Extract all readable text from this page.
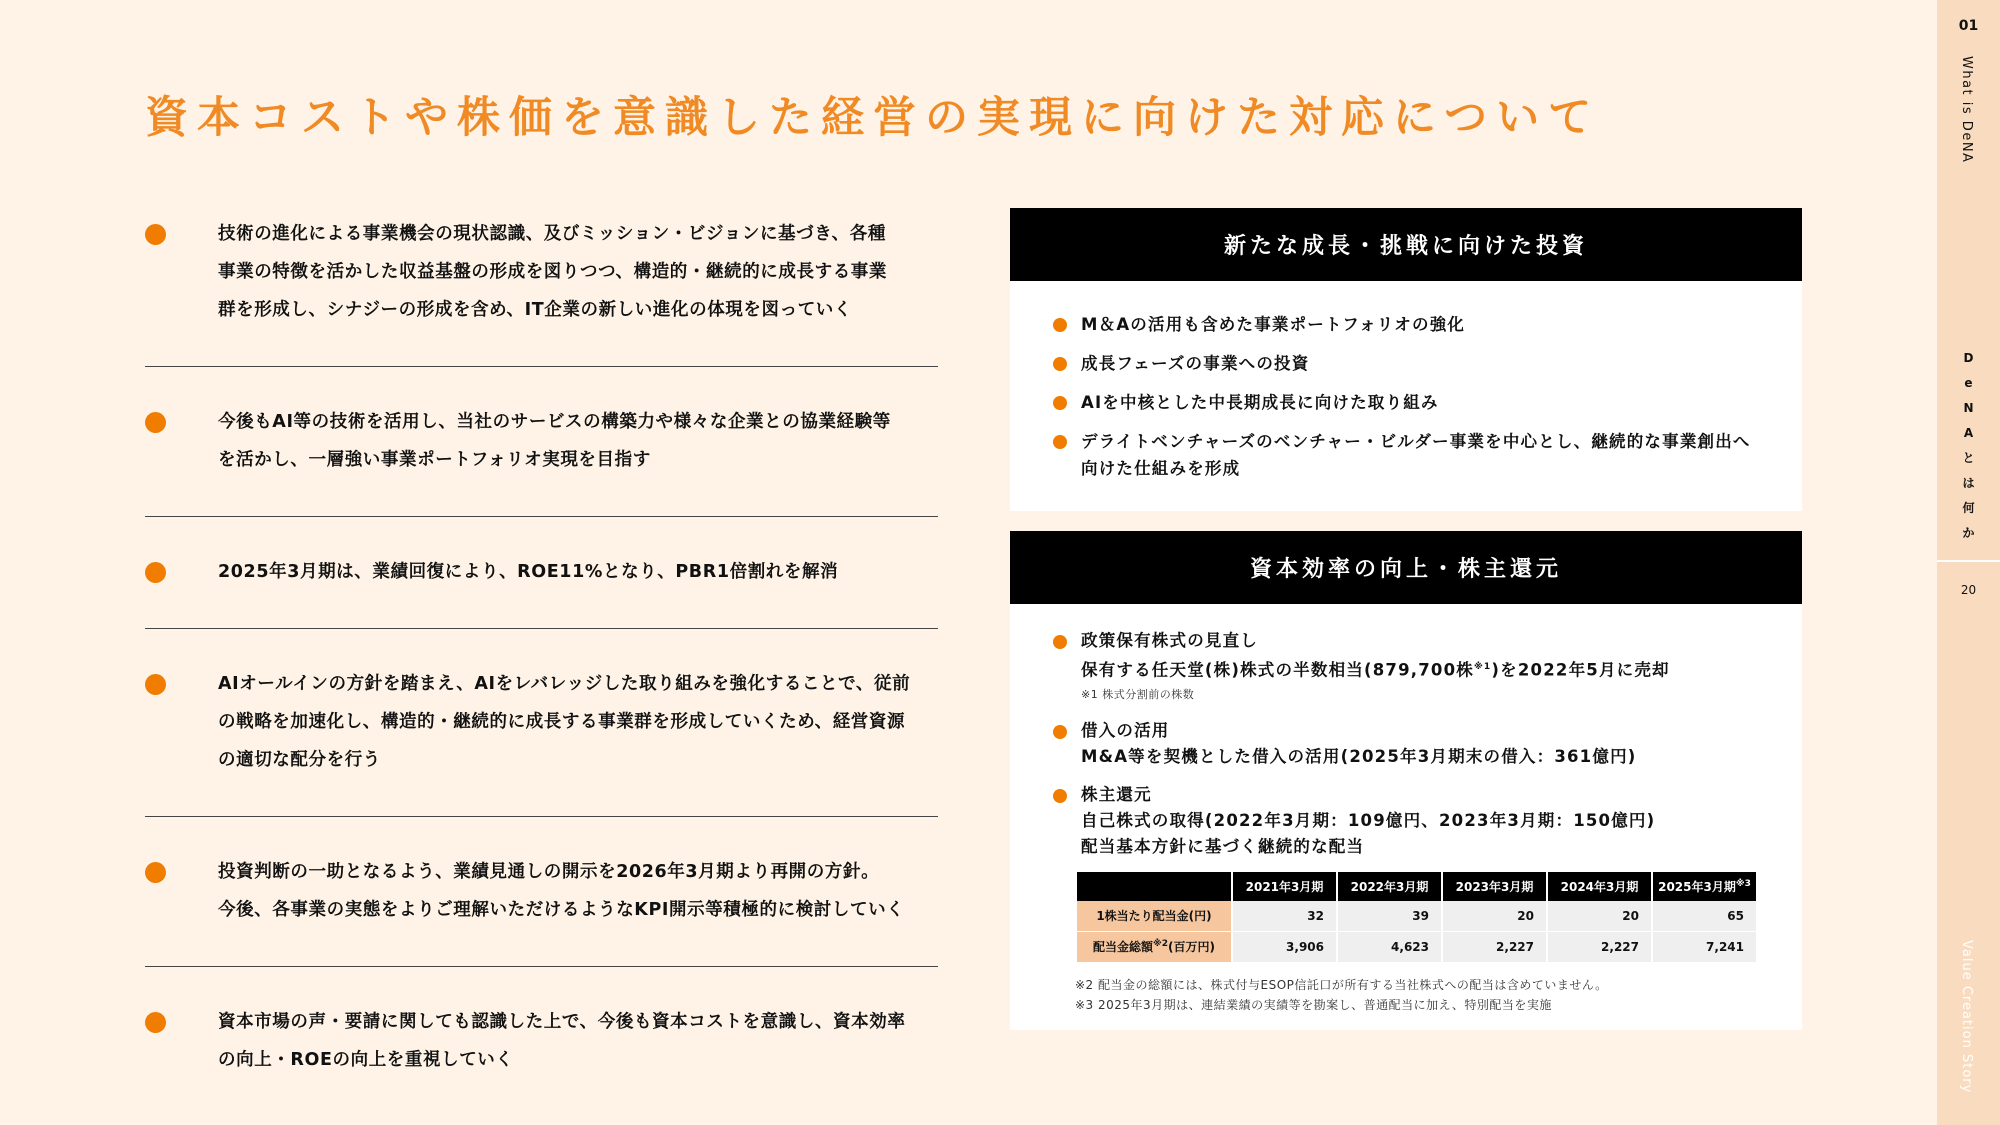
資本コストや株価を意識した経営の実現に向けた対応について
技術の進化による事業機会の現状認識、及びミッション・ビジョンに基づき、各種
事業の特徴を活かした収益基盤の形成を図りつつ、構造的・継続的に成長する事業
群を形成し、シナジーの形成を含め、IT企業の新しい進化の体現を図っていく
今後もAI等の技術を活用し、当社のサービスの構築力や様々な企業との協業経験等
を活かし、一層強い事業ポートフォリオ実現を目指す
2025年3月期は、業績回復により、ROE11%となり、PBR1倍割れを解消
AIオールインの方針を踏まえ、AIをレバレッジした取り組みを強化することで、従前
の戦略を加速化し、構造的・継続的に成長する事業群を形成していくため、経営資源
の適切な配分を行う
投資判断の一助となるよう、業績見通しの開示を2026年3月期より再開の方針。
今後、各事業の実態をよりご理解いただけるようなKPI開示等積極的に検討していく
資本市場の声・要請に関しても認識した上で、今後も資本コストを意識し、資本効率
の向上・ROEの向上を重視していく
新たな成長・挑戦に向けた投資
M＆Aの活用も含めた事業ポートフォリオの強化
成長フェーズの事業への投資
AIを中核とした中長期成長に向けた取り組み
デライトベンチャーズのベンチャー・ビルダー事業を中心とし、継続的な事業創出へ
向けた仕組みを形成
資本効率の向上・株主還元
政策保有株式の見直し
保有する任天堂(株)株式の半数相当(879,700株$^{※1}$)を2022年5月に売却
※1 株式分割前の株数
借入の活用
M&A等を契機とした借入の活用(2025年3月期末の借入：361億円)
株主還元
自己株式の取得(2022年3月期：109億円、2023年3月期：150億円)
配当基本方針に基づく継続的な配当
	2021年3月期	2022年3月期	2023年3月期	2024年3月期	2025年3月期$^{※3}$
1株当たり配当金(円)	32	39	20	20	65
配当金総額$^{※2}$(百万円)	3,906	4,623	2,227	2,227	7,241
※2 配当金の総額には、株式付与ESOP信託口が所有する当社株式への配当は含めていません。
※3 2025年3月期は、連結業績の実績等を勘案し、普通配当に加え、特別配当を実施
01
What is DeNA
D
e
N
A
と
は
何
か
20
Value Creation Story
